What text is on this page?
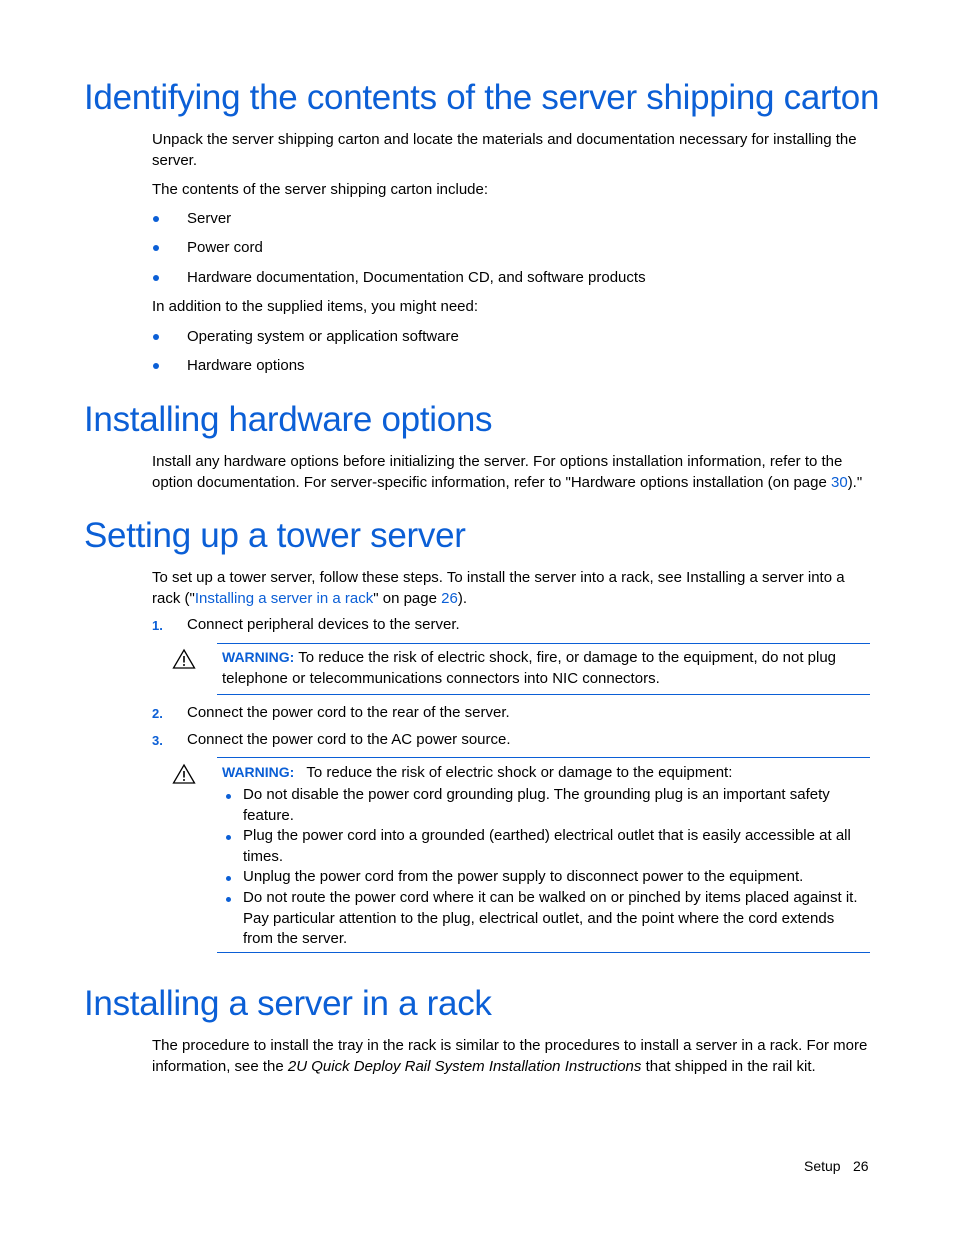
Identifying the contents of the server shipping carton

Unpack the server shipping carton and locate the materials and documentation necessary for installing the server.

The contents of the server shipping carton include:

Server
Power cord
Hardware documentation, Documentation CD, and software products

In addition to the supplied items, you might need:

Operating system or application software
Hardware options
Installing hardware options

Install any hardware options before initializing the server. For options installation information, refer to the option documentation. For server-specific information, refer to "Hardware options installation (on page 30)."

Setting up a tower server

To set up a tower server, follow these steps. To install the server into a rack, see Installing a server into a rack ("Installing a server in a rack" on page 26).

1. Connect peripheral devices to the server.
WARNING: To reduce the risk of electric shock, fire, or damage to the equipment, do not plug telephone or telecommunications connectors into NIC connectors.
2. Connect the power cord to the rear of the server.
3. Connect the power cord to the AC power source.
WARNING: To reduce the risk of electric shock or damage to the equipment:
Do not disable the power cord grounding plug. The grounding plug is an important safety feature.
Plug the power cord into a grounded (earthed) electrical outlet that is easily accessible at all times.
Unplug the power cord from the power supply to disconnect power to the equipment.
Do not route the power cord where it can be walked on or pinched by items placed against it. Pay particular attention to the plug, electrical outlet, and the point where the cord extends from the server.
Installing a server in a rack

The procedure to install the tray in the rack is similar to the procedures to install a server in a rack. For more information, see the 2U Quick Deploy Rail System Installation Instructions that shipped in the rail kit.

Setup 26
